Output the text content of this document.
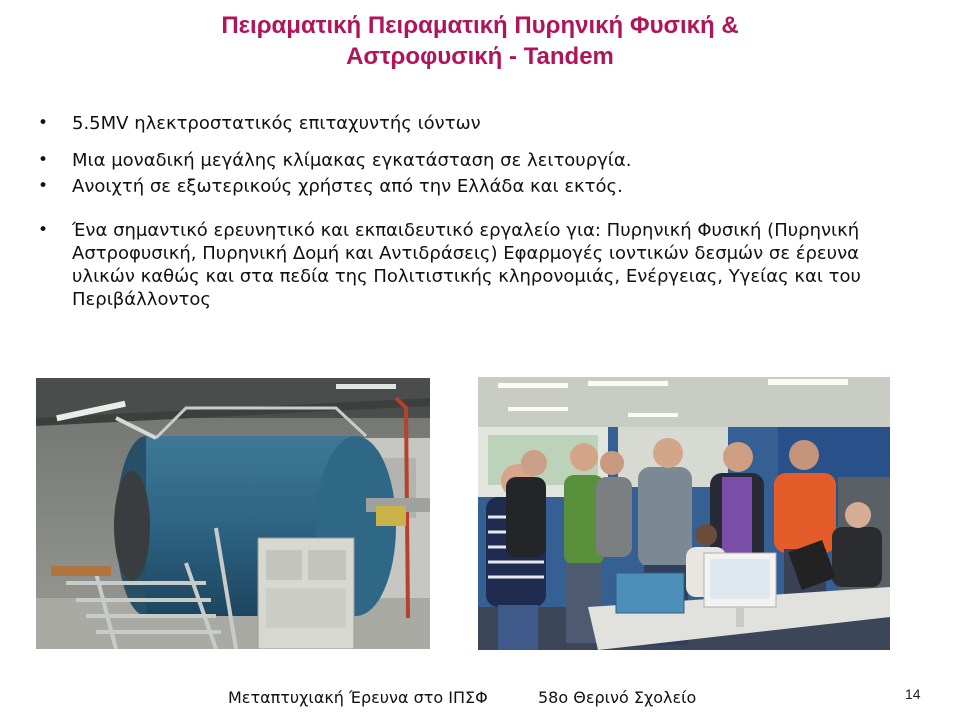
Πειραματική Πειραματική Πυρηνική Φυσική &
Αστροφυσική - Tandem
• 5.5MV ηλεκτροστατικός επιταχυντής ιόντων
• Μια μοναδική μεγάλης κλίμακας εγκατάσταση σε λειτουργία.
• Ανοιχτή σε εξωτερικούς χρήστες από την Ελλάδα και εκτός.
• Ένα σημαντικό ερευνητικό και εκπαιδευτικό εργαλείο για: Πυρηνική Φυσική (Πυρηνική Αστροφυσική, Πυρηνική Δομή και Αντιδράσεις) Εφαρμογές ιοντικών δεσμών σε έρευνα υλικών καθώς και στα πεδία της Πολιτιστικής κληρονομιάς, Ενέργειας, Υγείας και του Περιβάλλοντος
Μεταπτυχιακή Έρευνα στο ΙΠΣΦ	58ο Θερινό Σχολείο	14
